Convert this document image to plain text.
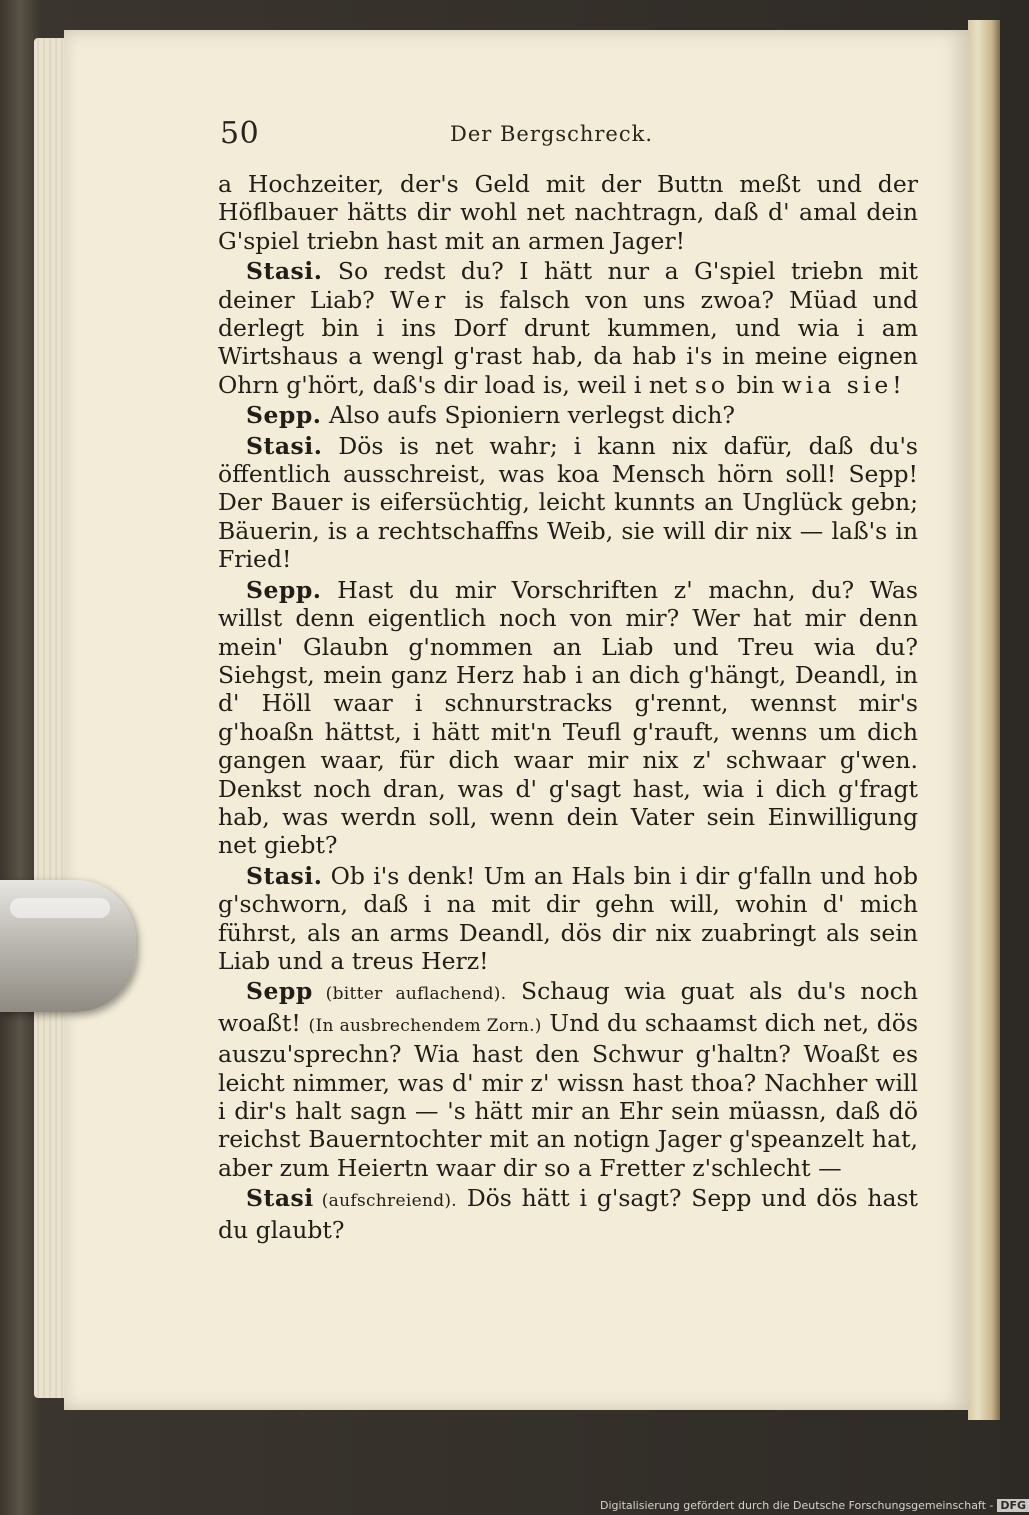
50	Der Bergschreck.

a Hochzeiter, der's Geld mit der Buttn meßt und der Höflbauer hätts dir wohl net nachtragn, daß d' amal dein G'spiel triebn hast mit an armen Jager!

Stasi. So redst du? I hätt nur a G'spiel triebn mit deiner Liab? Wer is falsch von uns zwoa? Müad und derlegt bin i ins Dorf drunt kummen, und wia i am Wirtshaus a wengl g'rast hab, da hab i's in meine eignen Ohrn g'hört, daß's dir load is, weil i net so bin wia sie!

Sepp. Also aufs Spioniern verlegst dich?

Stasi. Dös is net wahr; i kann nix dafür, daß du's öffentlich ausschreist, was koa Mensch hörn soll! Sepp! Der Bauer is eifersüchtig, leicht kunnts an Unglück gebn; Bäuerin, is a rechtschaffns Weib, sie will dir nix — laß's in Fried!

Sepp. Hast du mir Vorschriften z' machn, du? Was willst denn eigentlich noch von mir? Wer hat mir denn mein' Glaubn g'nommen an Liab und Treu wia du? Siehgst, mein ganz Herz hab i an dich g'hängt, Deandl, in d' Höll waar i schnurstracks g'rennt, wennst mir's g'hoaßn hättst, i hätt mit'n Teufl g'rauft, wenns um dich gangen waar, für dich waar mir nix z' schwaar g'wen. Denkst noch dran, was d' g'sagt hast, wia i dich g'fragt hab, was werdn soll, wenn dein Vater sein Einwilligung net giebt?

Stasi. Ob i's denk! Um an Hals bin i dir g'falln und hob g'schworn, daß i na mit dir gehn will, wohin d' mich führst, als an arms Deandl, dös dir nix zuabringt als sein Liab und a treus Herz!

Sepp (bitter auflachend). Schaug wia guat als du's noch woaßt! (In ausbrechendem Zorn.) Und du schaamst dich net, dös auszu'sprechn? Wia hast den Schwur g'haltn? Woaßt es leicht nimmer, was d' mir z' wissn hast thoa? Nachher will i dir's halt sagn — 's hätt mir an Ehr sein müassn, daß dö reichst Bauerntochter mit an notign Jager g'speanzelt hat, aber zum Heiertn waar dir so a Fretter z'schlecht —

Stasi (aufschreiend). Dös hätt i g'sagt? Sepp und dös hast du glaubt?

Digitalisierung gefördert durch die Deutsche Forschungsgemeinschaft - DFG
